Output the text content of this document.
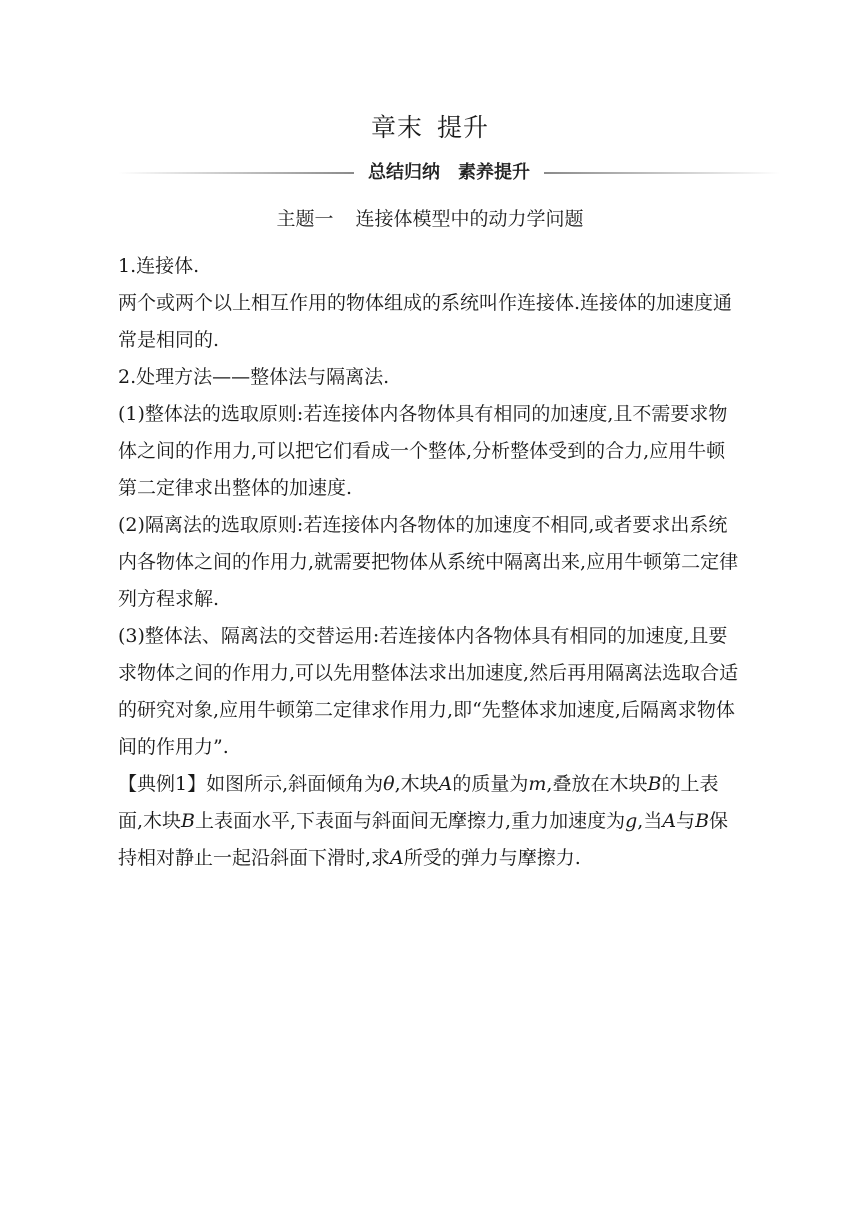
章末 提升
总结归纳 素养提升
主题一 连接体模型中的动力学问题

1.连接体.

两个或两个以上相互作用的物体组成的系统叫作连接体.连接体的加速度通常是相同的.

2.处理方法——整体法与隔离法.

(1)整体法的选取原则:若连接体内各物体具有相同的加速度,且不需要求物体之间的作用力,可以把它们看成一个整体,分析整体受到的合力,应用牛顿第二定律求出整体的加速度.

(2)隔离法的选取原则:若连接体内各物体的加速度不相同,或者要求出系统内各物体之间的作用力,就需要把物体从系统中隔离出来,应用牛顿第二定律列方程求解.

(3)整体法、隔离法的交替运用:若连接体内各物体具有相同的加速度,且要求物体之间的作用力,可以先用整体法求出加速度,然后再用隔离法选取合适的研究对象,应用牛顿第二定律求作用力,即“先整体求加速度,后隔离求物体间的作用力”.

【典例1】如图所示,斜面倾角为θ,木块A的质量为m,叠放在木块B的上表面,木块B上表面水平,下表面与斜面间无摩擦力,重力加速度为g,当A与B保持相对静止一起沿斜面下滑时,求A所受的弹力与摩擦力.
